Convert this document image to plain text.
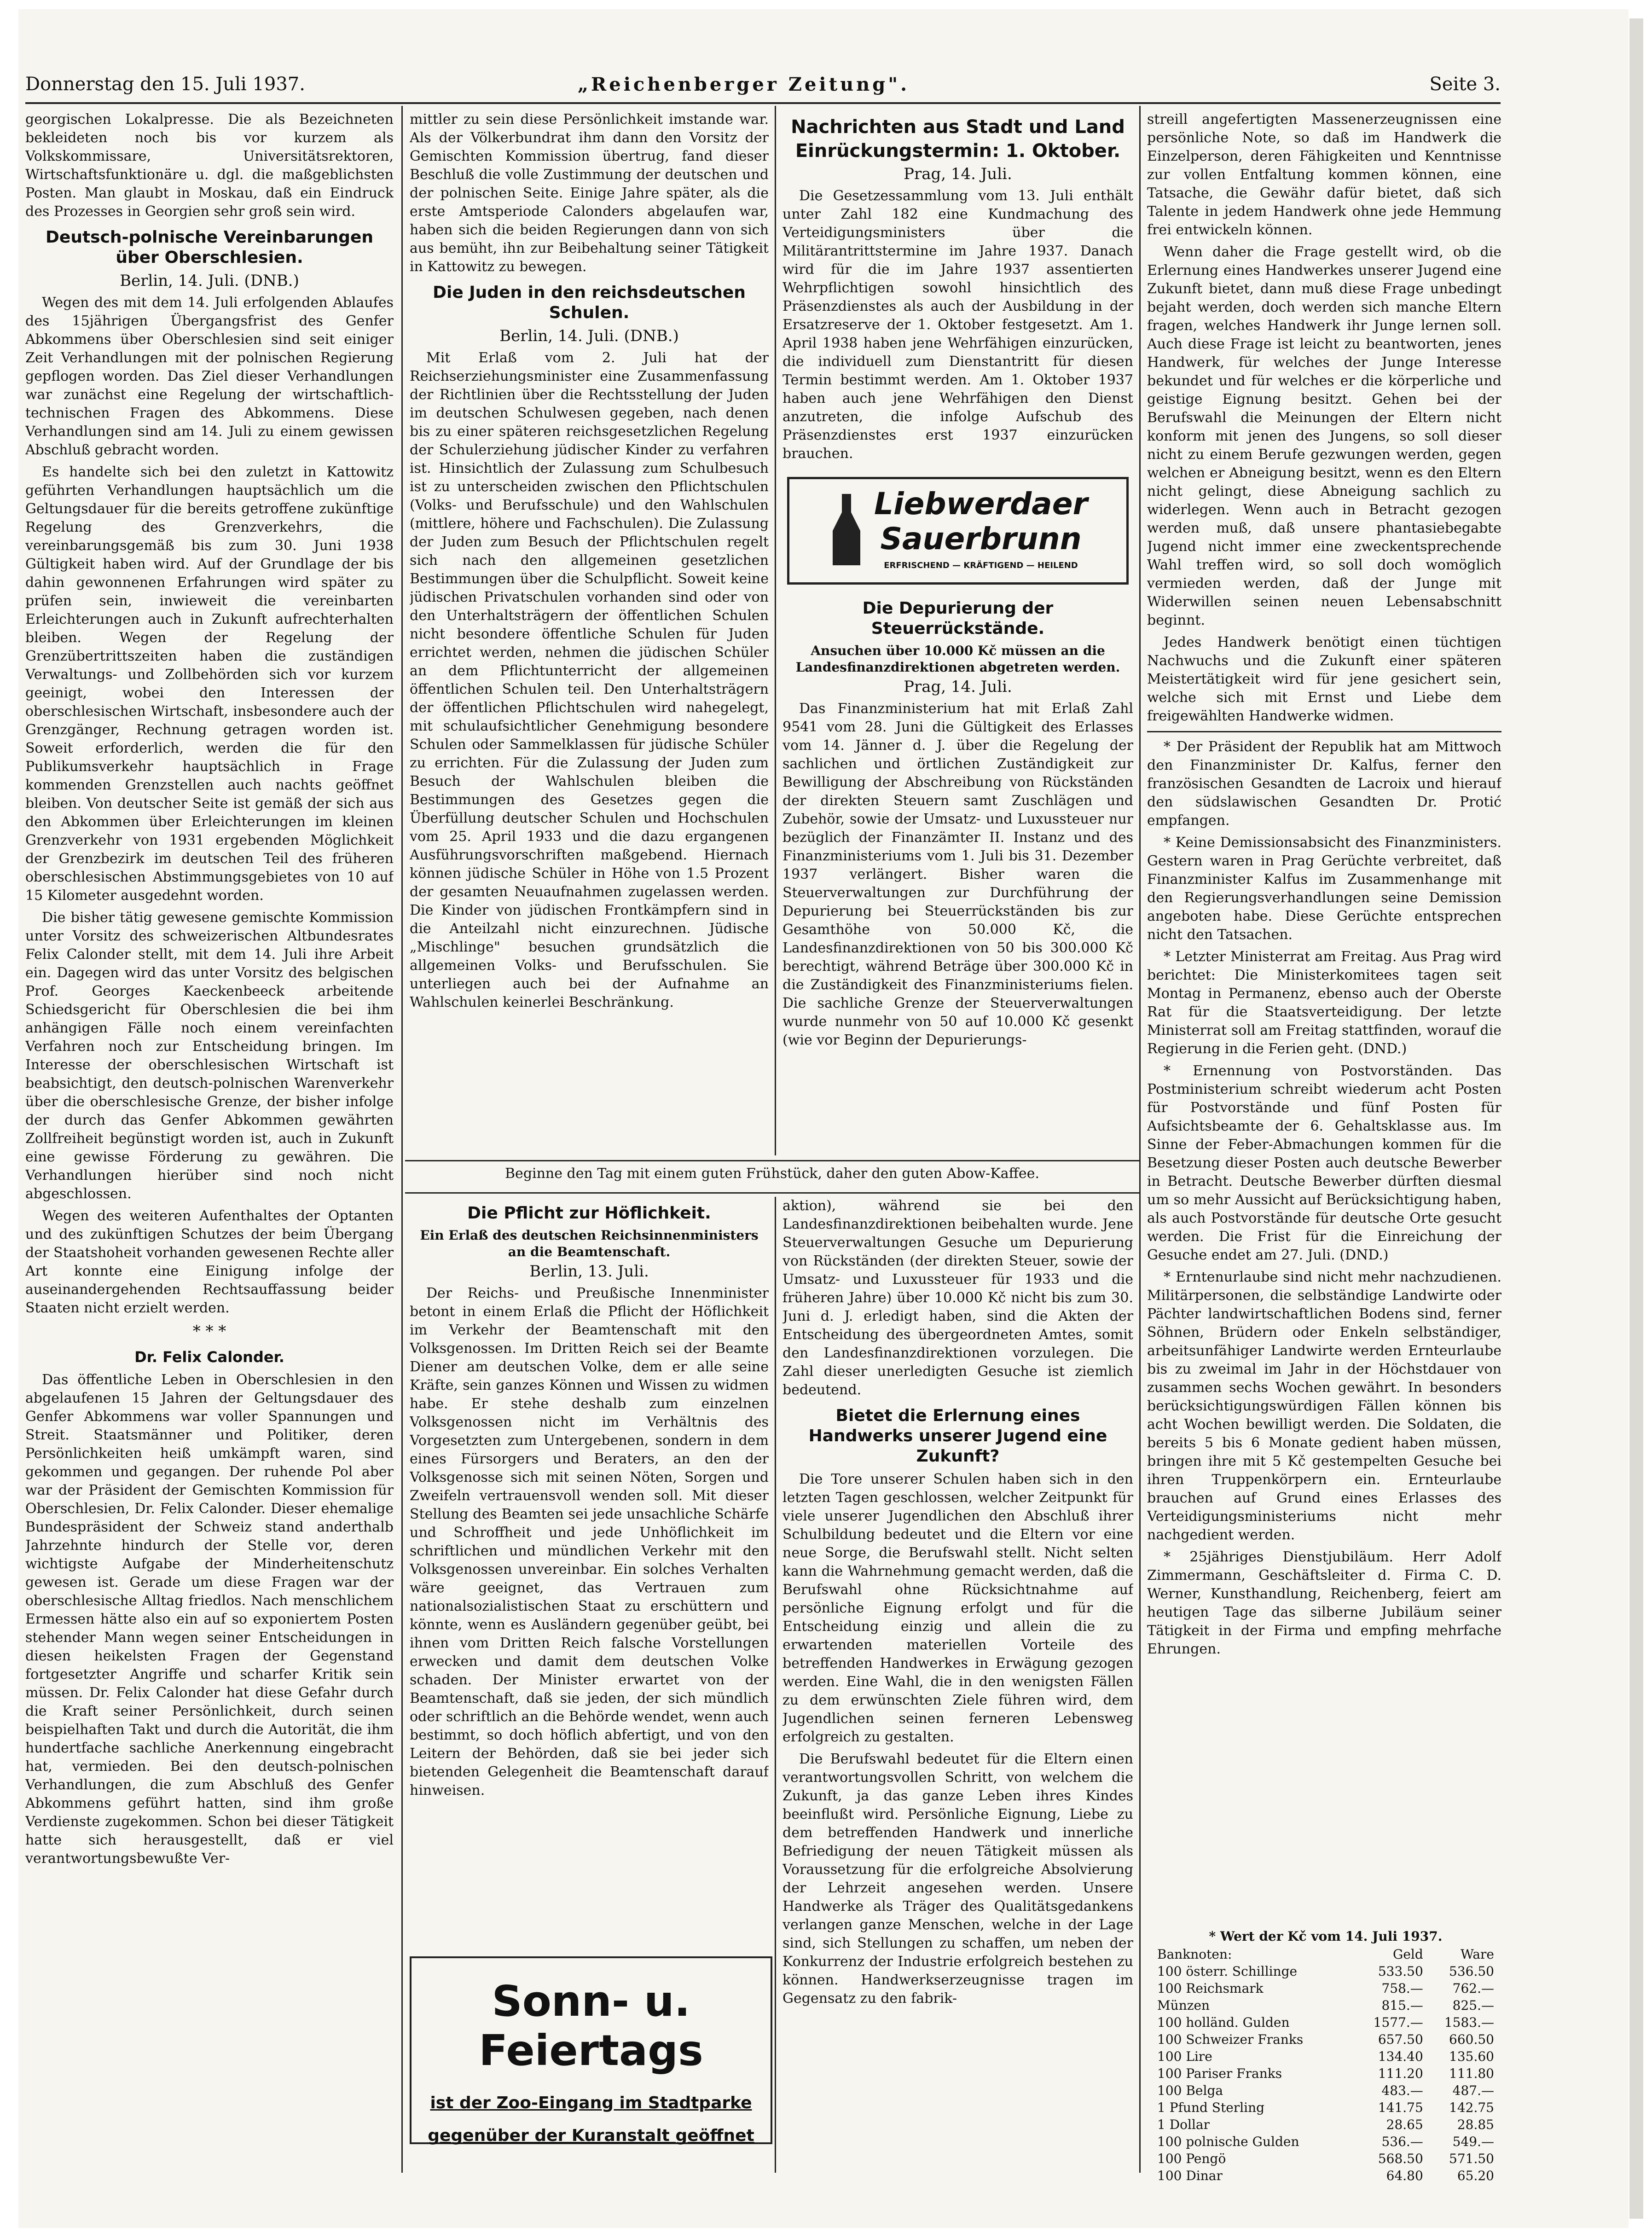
Donnerstag den 15. Juli 1937.	„Reichenberger Zeitung".	Seite 3.

georgischen Lokalpresse. Die als Bezeichneten bekleideten noch bis vor kurzem als Volkskommissare, Universitätsrektoren, Wirtschaftsfunktionäre u. dgl. die maßgeblichsten Posten. Man glaubt in Moskau, daß ein Eindruck des Prozesses in Georgien sehr groß sein wird.

Deutsch-polnische Vereinbarungen über Oberschlesien.
Berlin, 14. Juli. (DNB.)

Wegen des mit dem 14. Juli erfolgenden Ablaufes des 15jährigen Übergangsfrist des Genfer Abkommens über Oberschlesien sind seit einiger Zeit Verhandlungen mit der polnischen Regierung gepflogen worden. Das Ziel dieser Verhandlungen war zunächst eine Regelung der wirtschaftlich-technischen Fragen des Abkommens. Diese Verhandlungen sind am 14. Juli zu einem gewissen Abschluß gebracht worden.

Es handelte sich bei den zuletzt in Kattowitz geführten Verhandlungen hauptsächlich um die Geltungsdauer für die bereits getroffene zukünftige Regelung des Grenzverkehrs, die vereinbarungsgemäß bis zum 30. Juni 1938 Gültigkeit haben wird. Auf der Grundlage der bis dahin gewonnenen Erfahrungen wird später zu prüfen sein, inwieweit die vereinbarten Erleichterungen auch in Zukunft aufrechterhalten bleiben. Wegen der Regelung der Grenzübertrittszeiten haben die zuständigen Verwaltungs- und Zollbehörden sich vor kurzem geeinigt, wobei den Interessen der oberschlesischen Wirtschaft, insbesondere auch der Grenzgänger, Rechnung getragen worden ist. Soweit erforderlich, werden die für den Publikumsverkehr hauptsächlich in Frage kommenden Grenzstellen auch nachts geöffnet bleiben. Von deutscher Seite ist gemäß der sich aus den Abkommen über Erleichterungen im kleinen Grenzverkehr von 1931 ergebenden Möglichkeit der Grenzbezirk im deutschen Teil des früheren oberschlesischen Abstimmungsgebietes von 10 auf 15 Kilometer ausgedehnt worden.

Die bisher tätig gewesene gemischte Kommission unter Vorsitz des schweizerischen Altbundesrates Felix Calonder stellt, mit dem 14. Juli ihre Arbeit ein. Dagegen wird das unter Vorsitz des belgischen Prof. Georges Kaeckenbeeck arbeitende Schiedsgericht für Oberschlesien die bei ihm anhängigen Fälle noch einem vereinfachten Verfahren noch zur Entscheidung bringen. Im Interesse der oberschlesischen Wirtschaft ist beabsichtigt, den deutsch-polnischen Warenverkehr über die oberschlesische Grenze, der bisher infolge der durch das Genfer Abkommen gewährten Zollfreiheit begünstigt worden ist, auch in Zukunft eine gewisse Förderung zu gewähren. Die Verhandlungen hierüber sind noch nicht abgeschlossen.

Wegen des weiteren Aufenthaltes der Optanten und des zukünftigen Schutzes der beim Übergang der Staatshoheit vorhanden gewesenen Rechte aller Art konnte eine Einigung infolge der auseinandergehenden Rechtsauffassung beider Staaten nicht erzielt werden.

* * *
Dr. Felix Calonder.

Das öffentliche Leben in Oberschlesien in den abgelaufenen 15 Jahren der Geltungsdauer des Genfer Abkommens war voller Spannungen und Streit. Staatsmänner und Politiker, deren Persönlichkeiten heiß umkämpft waren, sind gekommen und gegangen. Der ruhende Pol aber war der Präsident der Gemischten Kommission für Oberschlesien, Dr. Felix Calonder. Dieser ehemalige Bundespräsident der Schweiz stand anderthalb Jahrzehnte hindurch der Stelle vor, deren wichtigste Aufgabe der Minderheitenschutz gewesen ist. Gerade um diese Fragen war der oberschlesische Alltag friedlos. Nach menschlichem Ermessen hätte also ein auf so exponiertem Posten stehender Mann wegen seiner Entscheidungen in diesen heikelsten Fragen der Gegenstand fortgesetzter Angriffe und scharfer Kritik sein müssen. Dr. Felix Calonder hat diese Gefahr durch die Kraft seiner Persönlichkeit, durch seinen beispielhaften Takt und durch die Autorität, die ihm hundertfache sachliche Anerkennung eingebracht hat, vermieden. Bei den deutsch-polnischen Verhandlungen, die zum Abschluß des Genfer Abkommens geführt hatten, sind ihm große Verdienste zugekommen. Schon bei dieser Tätigkeit hatte sich herausgestellt, daß er viel verantwortungsbewußte Ver-

mittler zu sein diese Persönlichkeit imstande war. Als der Völkerbundrat ihm dann den Vorsitz der Gemischten Kommission übertrug, fand dieser Beschluß die volle Zustimmung der deutschen und der polnischen Seite. Einige Jahre später, als die erste Amtsperiode Calonders abgelaufen war, haben sich die beiden Regierungen dann von sich aus bemüht, ihn zur Beibehaltung seiner Tätigkeit in Kattowitz zu bewegen.

Die Juden in den reichsdeutschen Schulen.
Berlin, 14. Juli. (DNB.)

Mit Erlaß vom 2. Juli hat der Reichserziehungsminister eine Zusammenfassung der Richtlinien über die Rechtsstellung der Juden im deutschen Schulwesen gegeben, nach denen bis zu einer späteren reichsgesetzlichen Regelung der Schulerziehung jüdischer Kinder zu verfahren ist. Hinsichtlich der Zulassung zum Schulbesuch ist zu unterscheiden zwischen den Pflichtschulen (Volks- und Berufsschule) und den Wahlschulen (mittlere, höhere und Fachschulen). Die Zulassung der Juden zum Besuch der Pflichtschulen regelt sich nach den allgemeinen gesetzlichen Bestimmungen über die Schulpflicht. Soweit keine jüdischen Privatschulen vorhanden sind oder von den Unterhaltsträgern der öffentlichen Schulen nicht besondere öffentliche Schulen für Juden errichtet werden, nehmen die jüdischen Schüler an dem Pflichtunterricht der allgemeinen öffentlichen Schulen teil. Den Unterhaltsträgern der öffentlichen Pflichtschulen wird nahegelegt, mit schulaufsichtlicher Genehmigung besondere Schulen oder Sammelklassen für jüdische Schüler zu errichten. Für die Zulassung der Juden zum Besuch der Wahlschulen bleiben die Bestimmungen des Gesetzes gegen die Überfüllung deutscher Schulen und Hochschulen vom 25. April 1933 und die dazu ergangenen Ausführungsvorschriften maßgebend. Hiernach können jüdische Schüler in Höhe von 1.5 Prozent der gesamten Neuaufnahmen zugelassen werden. Die Kinder von jüdischen Frontkämpfern sind in die Anteilzahl nicht einzurechnen. Jüdische „Mischlinge" besuchen grundsätzlich die allgemeinen Volks- und Berufsschulen. Sie unterliegen auch bei der Aufnahme an Wahlschulen keinerlei Beschränkung.

Nachrichten aus Stadt und Land
Einrückungstermin: 1. Oktober.
Prag, 14. Juli.

Die Gesetzessammlung vom 13. Juli enthält unter Zahl 182 eine Kundmachung des Verteidigungsministers über die Militärantrittstermine im Jahre 1937. Danach wird für die im Jahre 1937 assentierten Wehrpflichtigen sowohl hinsichtlich des Präsenzdienstes als auch der Ausbildung in der Ersatzreserve der 1. Oktober festgesetzt. Am 1. April 1938 haben jene Wehrfähigen einzurücken, die individuell zum Dienstantritt für diesen Termin bestimmt werden. Am 1. Oktober 1937 haben auch jene Wehrfähigen den Dienst anzutreten, die infolge Aufschub des Präsenzdienstes erst 1937 einzurücken brauchen.

Liebwerdaer
Sauerbrunn
ERFRISCHEND — KRÄFTIGEND — HEILEND
Die Depurierung der Steuerrückstände.
Ansuchen über 10.000 Kč müssen an die Landesfinanzdirektionen abgetreten werden.
Prag, 14. Juli.

Das Finanzministerium hat mit Erlaß Zahl 9541 vom 28. Juni die Gültigkeit des Erlasses vom 14. Jänner d. J. über die Regelung der sachlichen und örtlichen Zuständigkeit zur Bewilligung der Abschreibung von Rückständen der direkten Steuern samt Zuschlägen und Zubehör, sowie der Umsatz- und Luxussteuer nur bezüglich der Finanzämter II. Instanz und des Finanzministeriums vom 1. Juli bis 31. Dezember 1937 verlängert. Bisher waren die Steuerverwaltungen zur Durchführung der Depurierung bei Steuerrückständen bis zur Gesamthöhe von 50.000 Kč, die Landesfinanzdirektionen von 50 bis 300.000 Kč berechtigt, während Beträge über 300.000 Kč in die Zuständigkeit des Finanzministeriums fielen. Die sachliche Grenze der Steuerverwaltungen wurde nunmehr von 50 auf 10.000 Kč gesenkt (wie vor Beginn der Depurierungs-

Beginne den Tag mit einem guten Frühstück, daher den guten Abow-Kaffee.
Die Pflicht zur Höflichkeit.
Ein Erlaß des deutschen Reichsinnenministers an die Beamtenschaft.
Berlin, 13. Juli.

Der Reichs- und Preußische Innenminister betont in einem Erlaß die Pflicht der Höflichkeit im Verkehr der Beamtenschaft mit den Volksgenossen. Im Dritten Reich sei der Beamte Diener am deutschen Volke, dem er alle seine Kräfte, sein ganzes Können und Wissen zu widmen habe. Er stehe deshalb zum einzelnen Volksgenossen nicht im Verhältnis des Vorgesetzten zum Untergebenen, sondern in dem eines Fürsorgers und Beraters, an den der Volksgenosse sich mit seinen Nöten, Sorgen und Zweifeln vertrauensvoll wenden soll. Mit dieser Stellung des Beamten sei jede unsachliche Schärfe und Schroffheit und jede Unhöflichkeit im schriftlichen und mündlichen Verkehr mit den Volksgenossen unvereinbar. Ein solches Verhalten wäre geeignet, das Vertrauen zum nationalsozialistischen Staat zu erschüttern und könnte, wenn es Ausländern gegenüber geübt, bei ihnen vom Dritten Reich falsche Vorstellungen erwecken und damit dem deutschen Volke schaden. Der Minister erwartet von der Beamtenschaft, daß sie jeden, der sich mündlich oder schriftlich an die Behörde wendet, wenn auch bestimmt, so doch höflich abfertigt, und von den Leitern der Behörden, daß sie bei jeder sich bietenden Gelegenheit die Beamtenschaft darauf hinweisen.

Sonn- u. Feiertags
ist der Zoo-Eingang im Stadtparke
gegenüber der Kuranstalt geöffnet

aktion), während sie bei den Landesfinanzdirektionen beibehalten wurde. Jene Steuerverwaltungen Gesuche um Depurierung von Rückständen (der direkten Steuer, sowie der Umsatz- und Luxussteuer für 1933 und die früheren Jahre) über 10.000 Kč nicht bis zum 30. Juni d. J. erledigt haben, sind die Akten der Entscheidung des übergeordneten Amtes, somit den Landesfinanzdirektionen vorzulegen. Die Zahl dieser unerledigten Gesuche ist ziemlich bedeutend.

Bietet die Erlernung eines Handwerks unserer Jugend eine Zukunft?

Die Tore unserer Schulen haben sich in den letzten Tagen geschlossen, welcher Zeitpunkt für viele unserer Jugendlichen den Abschluß ihrer Schulbildung bedeutet und die Eltern vor eine neue Sorge, die Berufswahl stellt. Nicht selten kann die Wahrnehmung gemacht werden, daß die Berufswahl ohne Rücksichtnahme auf persönliche Eignung erfolgt und für die Entscheidung einzig und allein die zu erwartenden materiellen Vorteile des betreffenden Handwerkes in Erwägung gezogen werden. Eine Wahl, die in den wenigsten Fällen zu dem erwünschten Ziele führen wird, dem Jugendlichen seinen ferneren Lebensweg erfolgreich zu gestalten.

Die Berufswahl bedeutet für die Eltern einen verantwortungsvollen Schritt, von welchem die Zukunft, ja das ganze Leben ihres Kindes beeinflußt wird. Persönliche Eignung, Liebe zu dem betreffenden Handwerk und innerliche Befriedigung der neuen Tätigkeit müssen als Voraussetzung für die erfolgreiche Absolvierung der Lehrzeit angesehen werden. Unsere Handwerke als Träger des Qualitätsgedankens verlangen ganze Menschen, welche in der Lage sind, sich Stellungen zu schaffen, um neben der Konkurrenz der Industrie erfolgreich bestehen zu können. Handwerkserzeugnisse tragen im Gegensatz zu den fabrik-

streill angefertigten Massenerzeugnissen eine persönliche Note, so daß im Handwerk die Einzelperson, deren Fähigkeiten und Kenntnisse zur vollen Entfaltung kommen können, eine Tatsache, die Gewähr dafür bietet, daß sich Talente in jedem Handwerk ohne jede Hemmung frei entwickeln können.

Wenn daher die Frage gestellt wird, ob die Erlernung eines Handwerkes unserer Jugend eine Zukunft bietet, dann muß diese Frage unbedingt bejaht werden, doch werden sich manche Eltern fragen, welches Handwerk ihr Junge lernen soll. Auch diese Frage ist leicht zu beantworten, jenes Handwerk, für welches der Junge Interesse bekundet und für welches er die körperliche und geistige Eignung besitzt. Gehen bei der Berufswahl die Meinungen der Eltern nicht konform mit jenen des Jungens, so soll dieser nicht zu einem Berufe gezwungen werden, gegen welchen er Abneigung besitzt, wenn es den Eltern nicht gelingt, diese Abneigung sachlich zu widerlegen. Wenn auch in Betracht gezogen werden muß, daß unsere phantasiebegabte Jugend nicht immer eine zweckentsprechende Wahl treffen wird, so soll doch womöglich vermieden werden, daß der Junge mit Widerwillen seinen neuen Lebensabschnitt beginnt.

Jedes Handwerk benötigt einen tüchtigen Nachwuchs und die Zukunft einer späteren Meistertätigkeit wird für jene gesichert sein, welche sich mit Ernst und Liebe dem freigewählten Handwerke widmen.

* Der Präsident der Republik hat am Mittwoch den Finanzminister Dr. Kalfus, ferner den französischen Gesandten de Lacroix und hierauf den südslawischen Gesandten Dr. Protić empfangen.

* Keine Demissionsabsicht des Finanzministers. Gestern waren in Prag Gerüchte verbreitet, daß Finanzminister Kalfus im Zusammenhange mit den Regierungsverhandlungen seine Demission angeboten habe. Diese Gerüchte entsprechen nicht den Tatsachen.

* Letzter Ministerrat am Freitag. Aus Prag wird berichtet: Die Ministerkomitees tagen seit Montag in Permanenz, ebenso auch der Oberste Rat für die Staatsverteidigung. Der letzte Ministerrat soll am Freitag stattfinden, worauf die Regierung in die Ferien geht. (DND.)

* Ernennung von Postvorständen. Das Postministerium schreibt wiederum acht Posten für Postvorstände und fünf Posten für Aufsichtsbeamte der 6. Gehaltsklasse aus. Im Sinne der Feber-Abmachungen kommen für die Besetzung dieser Posten auch deutsche Bewerber in Betracht. Deutsche Bewerber dürften diesmal um so mehr Aussicht auf Berücksichtigung haben, als auch Postvorstände für deutsche Orte gesucht werden. Die Frist für die Einreichung der Gesuche endet am 27. Juli. (DND.)

* Erntenurlaube sind nicht mehr nachzudienen. Militärpersonen, die selbständige Landwirte oder Pächter landwirtschaftlichen Bodens sind, ferner Söhnen, Brüdern oder Enkeln selbständiger, arbeitsunfähiger Landwirte werden Ernteurlaube bis zu zweimal im Jahr in der Höchstdauer von zusammen sechs Wochen gewährt. In besonders berücksichtigungswürdigen Fällen können bis acht Wochen bewilligt werden. Die Soldaten, die bereits 5 bis 6 Monate gedient haben müssen, bringen ihre mit 5 Kč gestempelten Gesuche bei ihren Truppenkörpern ein. Ernteurlaube brauchen auf Grund eines Erlasses des Verteidigungsministeriums nicht mehr nachgedient werden.

* 25jähriges Dienstjubiläum. Herr Adolf Zimmermann, Geschäftsleiter d. Firma C. D. Werner, Kunsthandlung, Reichenberg, feiert am heutigen Tage das silberne Jubiläum seiner Tätigkeit in der Firma und empfing mehrfache Ehrungen.

* Wert der Kč vom 14. Juli 1937.
Banknoten:	Geld	Ware
100 österr. Schillinge	533.50	536.50
100 Reichsmark	758.—	762.—
Münzen	815.—	825.—
100 holländ. Gulden	1577.—	1583.—
100 Schweizer Franks	657.50	660.50
100 Lire	134.40	135.60
100 Pariser Franks	111.20	111.80
100 Belga	483.—	487.—
1 Pfund Sterling	141.75	142.75
1 Dollar	28.65	28.85
100 polnische Gulden	536.—	549.—
100 Pengö	568.50	571.50
100 Dinar	64.80	65.20
